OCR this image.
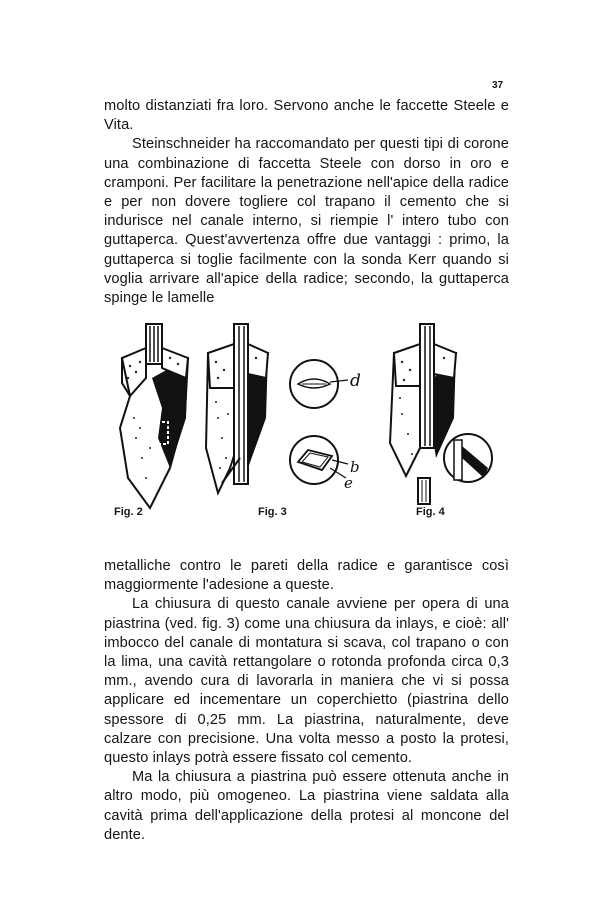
37

molto distanziati fra loro. Servono anche le faccette Steele e Vita.

Steinschneider ha raccomandato per questi tipi di corone una combinazione di faccetta Steele con dorso in oro e cramponi. Per facilitare la penetrazione nell'apice della radice e per non dovere togliere col trapano il cemento che si indurisce nel canale interno, si riempie l' intero tubo con guttaperca. Quest'avvertenza offre due vantaggi : primo, la guttaperca si toglie facilmente con la sonda Kerr quando si voglia arrivare all'apice della radice; secondo, la guttaperca spinge le lamelle

d
b
e
Fig. 2	Fig. 3	Fig. 4

metalliche contro le pareti della radice e garantisce così maggiormente l'adesione a queste.

La chiusura di questo canale avviene per opera di una piastrina (ved. fig. 3) come una chiusura da inlays, e cioè: all' imbocco del canale di montatura si scava, col trapano o con la lima, una cavità rettangolare o rotonda profonda circa 0,3 mm., avendo cura di lavorarla in maniera che vi si possa applicare ed incementare un coperchietto (piastrina dello spessore di 0,25 mm. La piastrina, naturalmente, deve calzare con precisione. Una volta messo a posto la protesi, questo inlays potrà essere fissato col cemento.

Ma la chiusura a piastrina può essere ottenuta anche in altro modo, più omogeneo. La piastrina viene saldata alla cavità prima dell'applicazione della protesi al moncone del dente.
